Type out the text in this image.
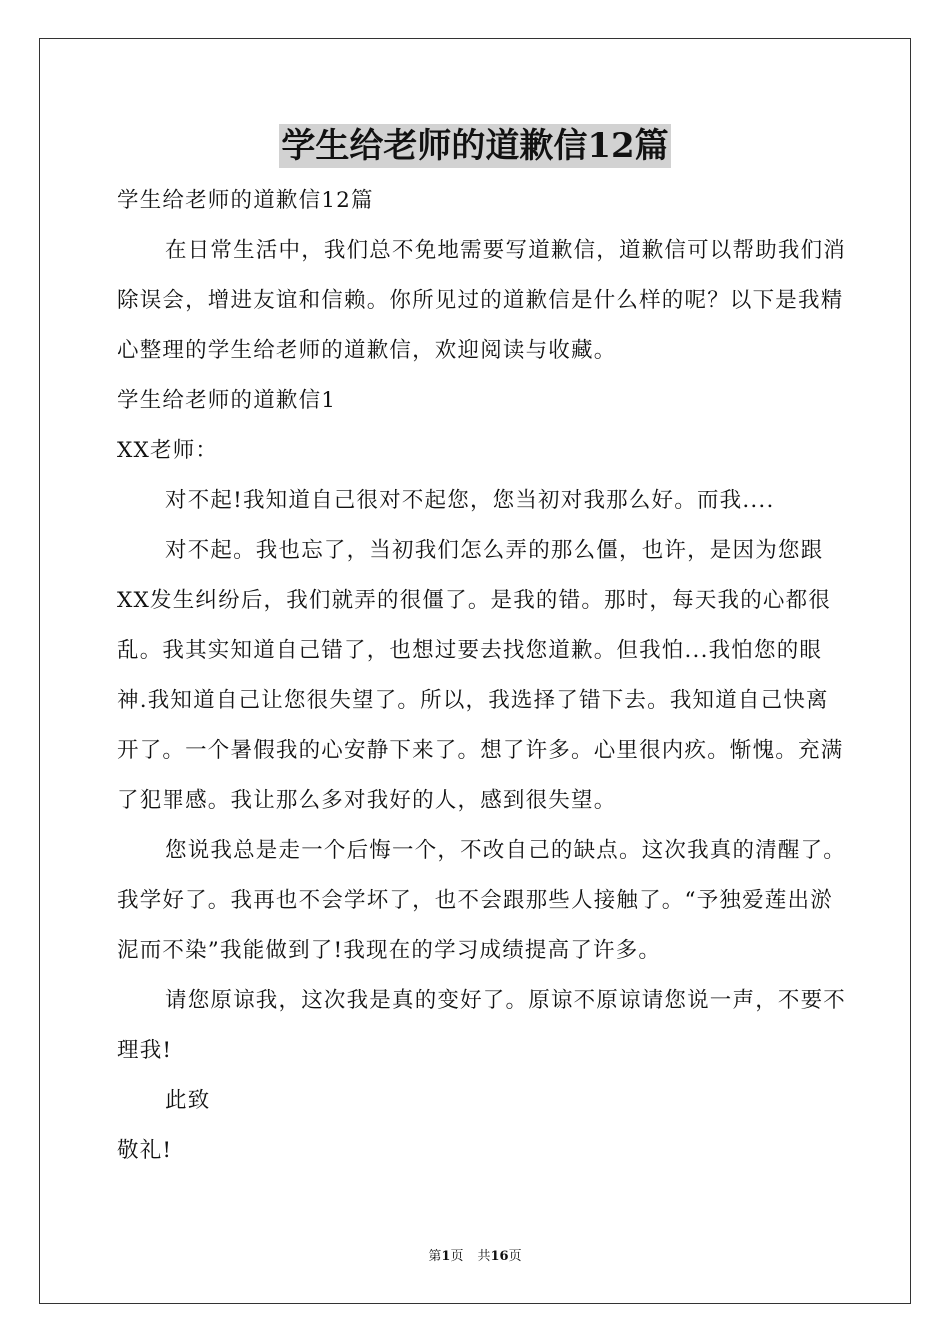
学生给老师的道歉信12篇

学生给老师的道歉信12篇

在日常生活中，我们总不免地需要写道歉信，道歉信可以帮助我们消除误会，增进友谊和信赖。你所见过的道歉信是什么样的呢？以下是我精心整理的学生给老师的道歉信，欢迎阅读与收藏。

学生给老师的道歉信1

XX老师：

对不起!我知道自己很对不起您，您当初对我那么好。而我....

对不起。我也忘了，当初我们怎么弄的那么僵，也许，是因为您跟XX发生纠纷后，我们就弄的很僵了。是我的错。那时，每天我的心都很乱。我其实知道自己错了，也想过要去找您道歉。但我怕...我怕您的眼神.我知道自己让您很失望了。所以，我选择了错下去。我知道自己快离开了。一个暑假我的心安静下来了。想了许多。心里很内疚。惭愧。充满了犯罪感。我让那么多对我好的人，感到很失望。

您说我总是走一个后悔一个，不改自己的缺点。这次我真的清醒了。我学好了。我再也不会学坏了，也不会跟那些人接触了。“予独爱莲出淤泥而不染”我能做到了!我现在的学习成绩提高了许多。

请您原谅我，这次我是真的变好了。原谅不原谅请您说一声，不要不理我!

此致

敬礼!

第1页 共16页
